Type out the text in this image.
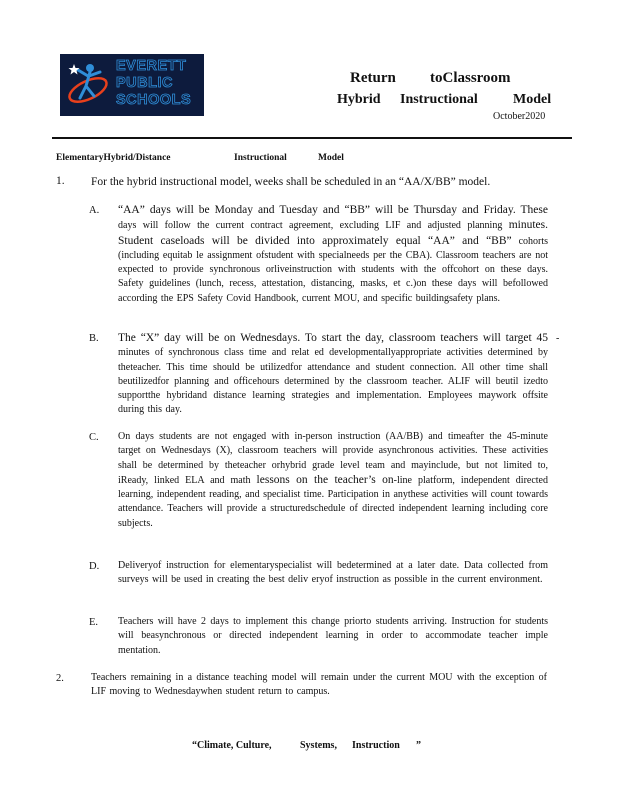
EVERETT
PUBLIC
SCHOOLS
Return toClassroom
Hybrid Instructional	Model
October2020
ElementaryHybrid/Distance	Instructional	Model
1. For the hybrid instructional model, weeks shall be scheduled in an “AA/X/BB” model.
A. “AA” days will be Monday and Tuesday and “BB” will be Thursday and Friday. These days will follow the current contract agreement, excluding LIF and adjusted planning minutes. Student caseloads will be divided into approximately equal “AA” and “BB” cohorts (including equitab le assignment ofstudent with specialneeds per the CBA). Classroom teachers are not expected to provide synchronous orliveinstruction with students with the offcohort on these days. Safety guidelines (lunch, recess, attestation, distancing, masks, et c.)on these days will befollowed according the EPS Safety Covid Handbook, current MOU, and specific buildingsafety plans.
B.	-
The “X” day will be on Wednesdays. To start the day, classroom teachers will target 45 minutes of synchronous class time and relat ed developmentallyappropriate activities determined by theteacher. This time should be utilizedfor attendance and student connection. All other time shall beutilizedfor planning and officehours determined by the classroom teacher. ALIF will beutil izedto supportthe hybridand distance learning strategies and implementation. Employees maywork offsite during this day.
C. On days students are not engaged with in-person instruction (AA/BB) and timeafter the 45-minute target on Wednesdays (X), classroom teachers will provide asynchronous activities. These activities shall be determined by theteacher orhybrid grade level team and mayinclude, but not limited to, iReady, linked ELA and math lessons on the teacher’s on-line platform, independent directed learning, independent reading, and specialist time. Participation in anythese activities will count towards attendance. Teachers will provide a structuredschedule of directed independent learning including core subjects.
D. Deliveryof instruction for elementaryspecialist will bedetermined at a later date. Data collected from surveys will be used in creating the best deliv eryof instruction as possible in the current environment.
E. Teachers will have 2 days to implement this change priorto students arriving. Instruction for students will beasynchronous or directed independent learning in order to accommodate teacher imple mentation.
2.	Teachers remaining in a distance teaching model will remain under the current MOU with the exception of LIF moving to Wednesdaywhen student return to campus.
“Climate, Culture,	Systems, Instruction ”
